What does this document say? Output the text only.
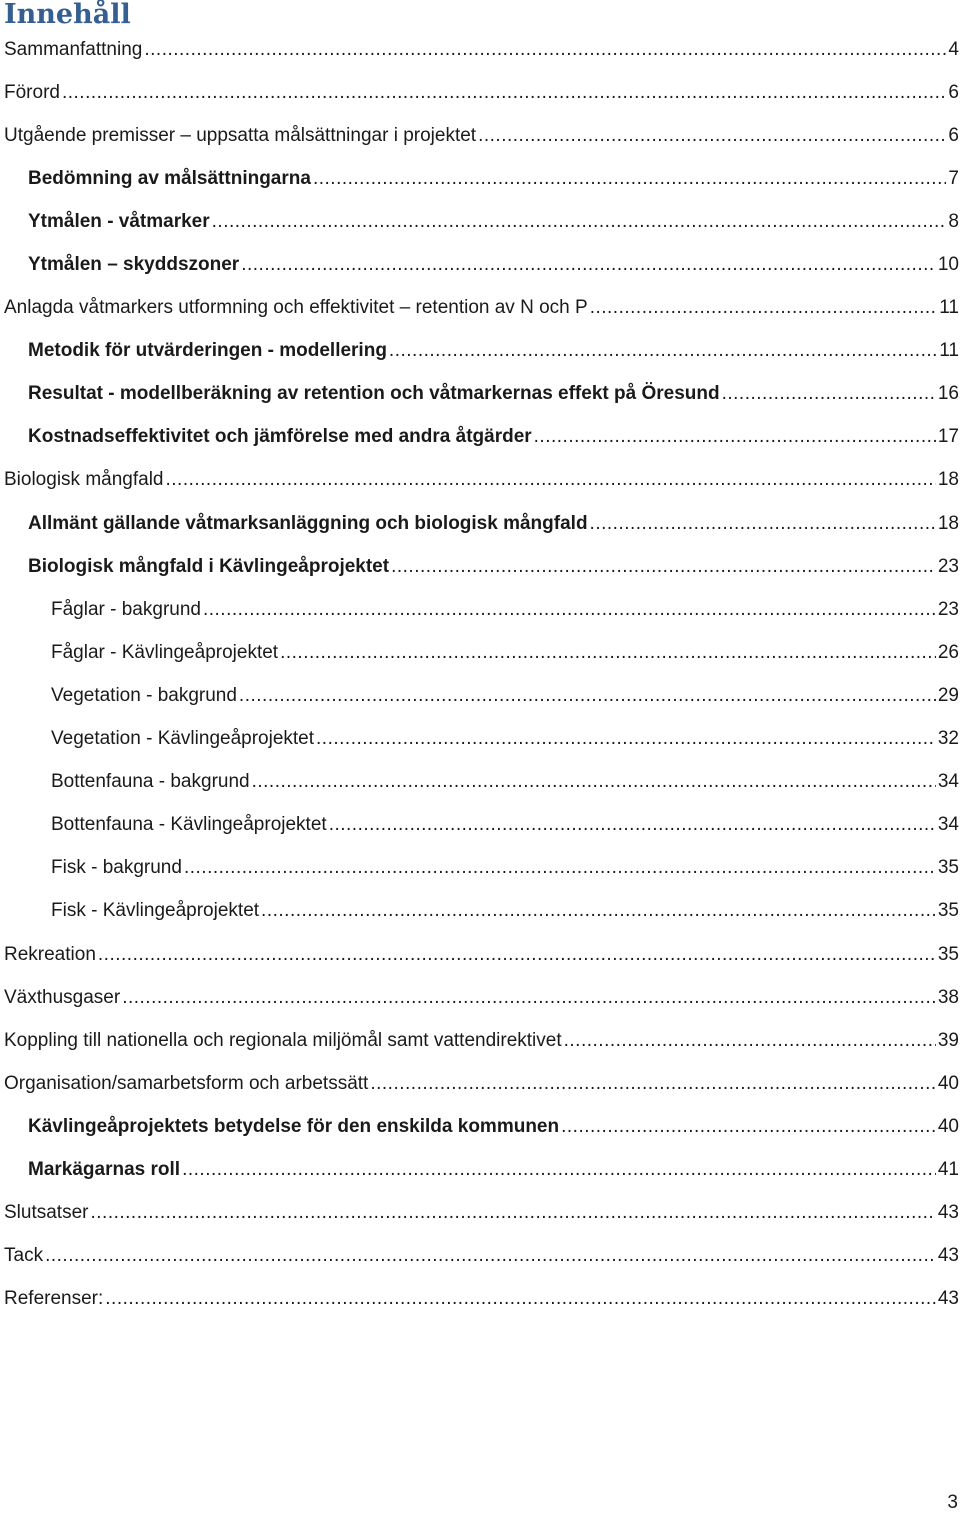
Innehåll
Sammanfattning .....	4
Förord .....	6
Utgående premisser – uppsatta målsättningar i projektet .....	6
Bedömning av målsättningarna .....	7
Ytmålen - våtmarker .....	8
Ytmålen – skyddszoner .....	10
Anlagda våtmarkers utformning och effektivitet – retention av N och P .....	11
Metodik för utvärderingen - modellering .....	11
Resultat - modellberäkning av retention och våtmarkernas effekt på Öresund .....	16
Kostnadseffektivitet och jämförelse med andra åtgärder .....	17
Biologisk mångfald .....	18
Allmänt gällande våtmarksanläggning och biologisk mångfald .....	18
Biologisk mångfald i Kävlingeåprojektet .....	23
Fåglar - bakgrund .....	23
Fåglar - Kävlingeåprojektet .....	26
Vegetation - bakgrund .....	29
Vegetation - Kävlingeåprojektet .....	32
Bottenfauna - bakgrund .....	34
Bottenfauna - Kävlingeåprojektet .....	34
Fisk - bakgrund .....	35
Fisk - Kävlingeåprojektet .....	35
Rekreation .....	35
Växthusgaser .....	38
Koppling till nationella och regionala miljömål samt vattendirektivet .....	39
Organisation/samarbetsform och arbetssätt .....	40
Kävlingeåprojektets betydelse för den enskilda kommunen .....	40
Markägarnas roll .....	41
Slutsatser .....	43
Tack .....	43
Referenser: .....	43
3
